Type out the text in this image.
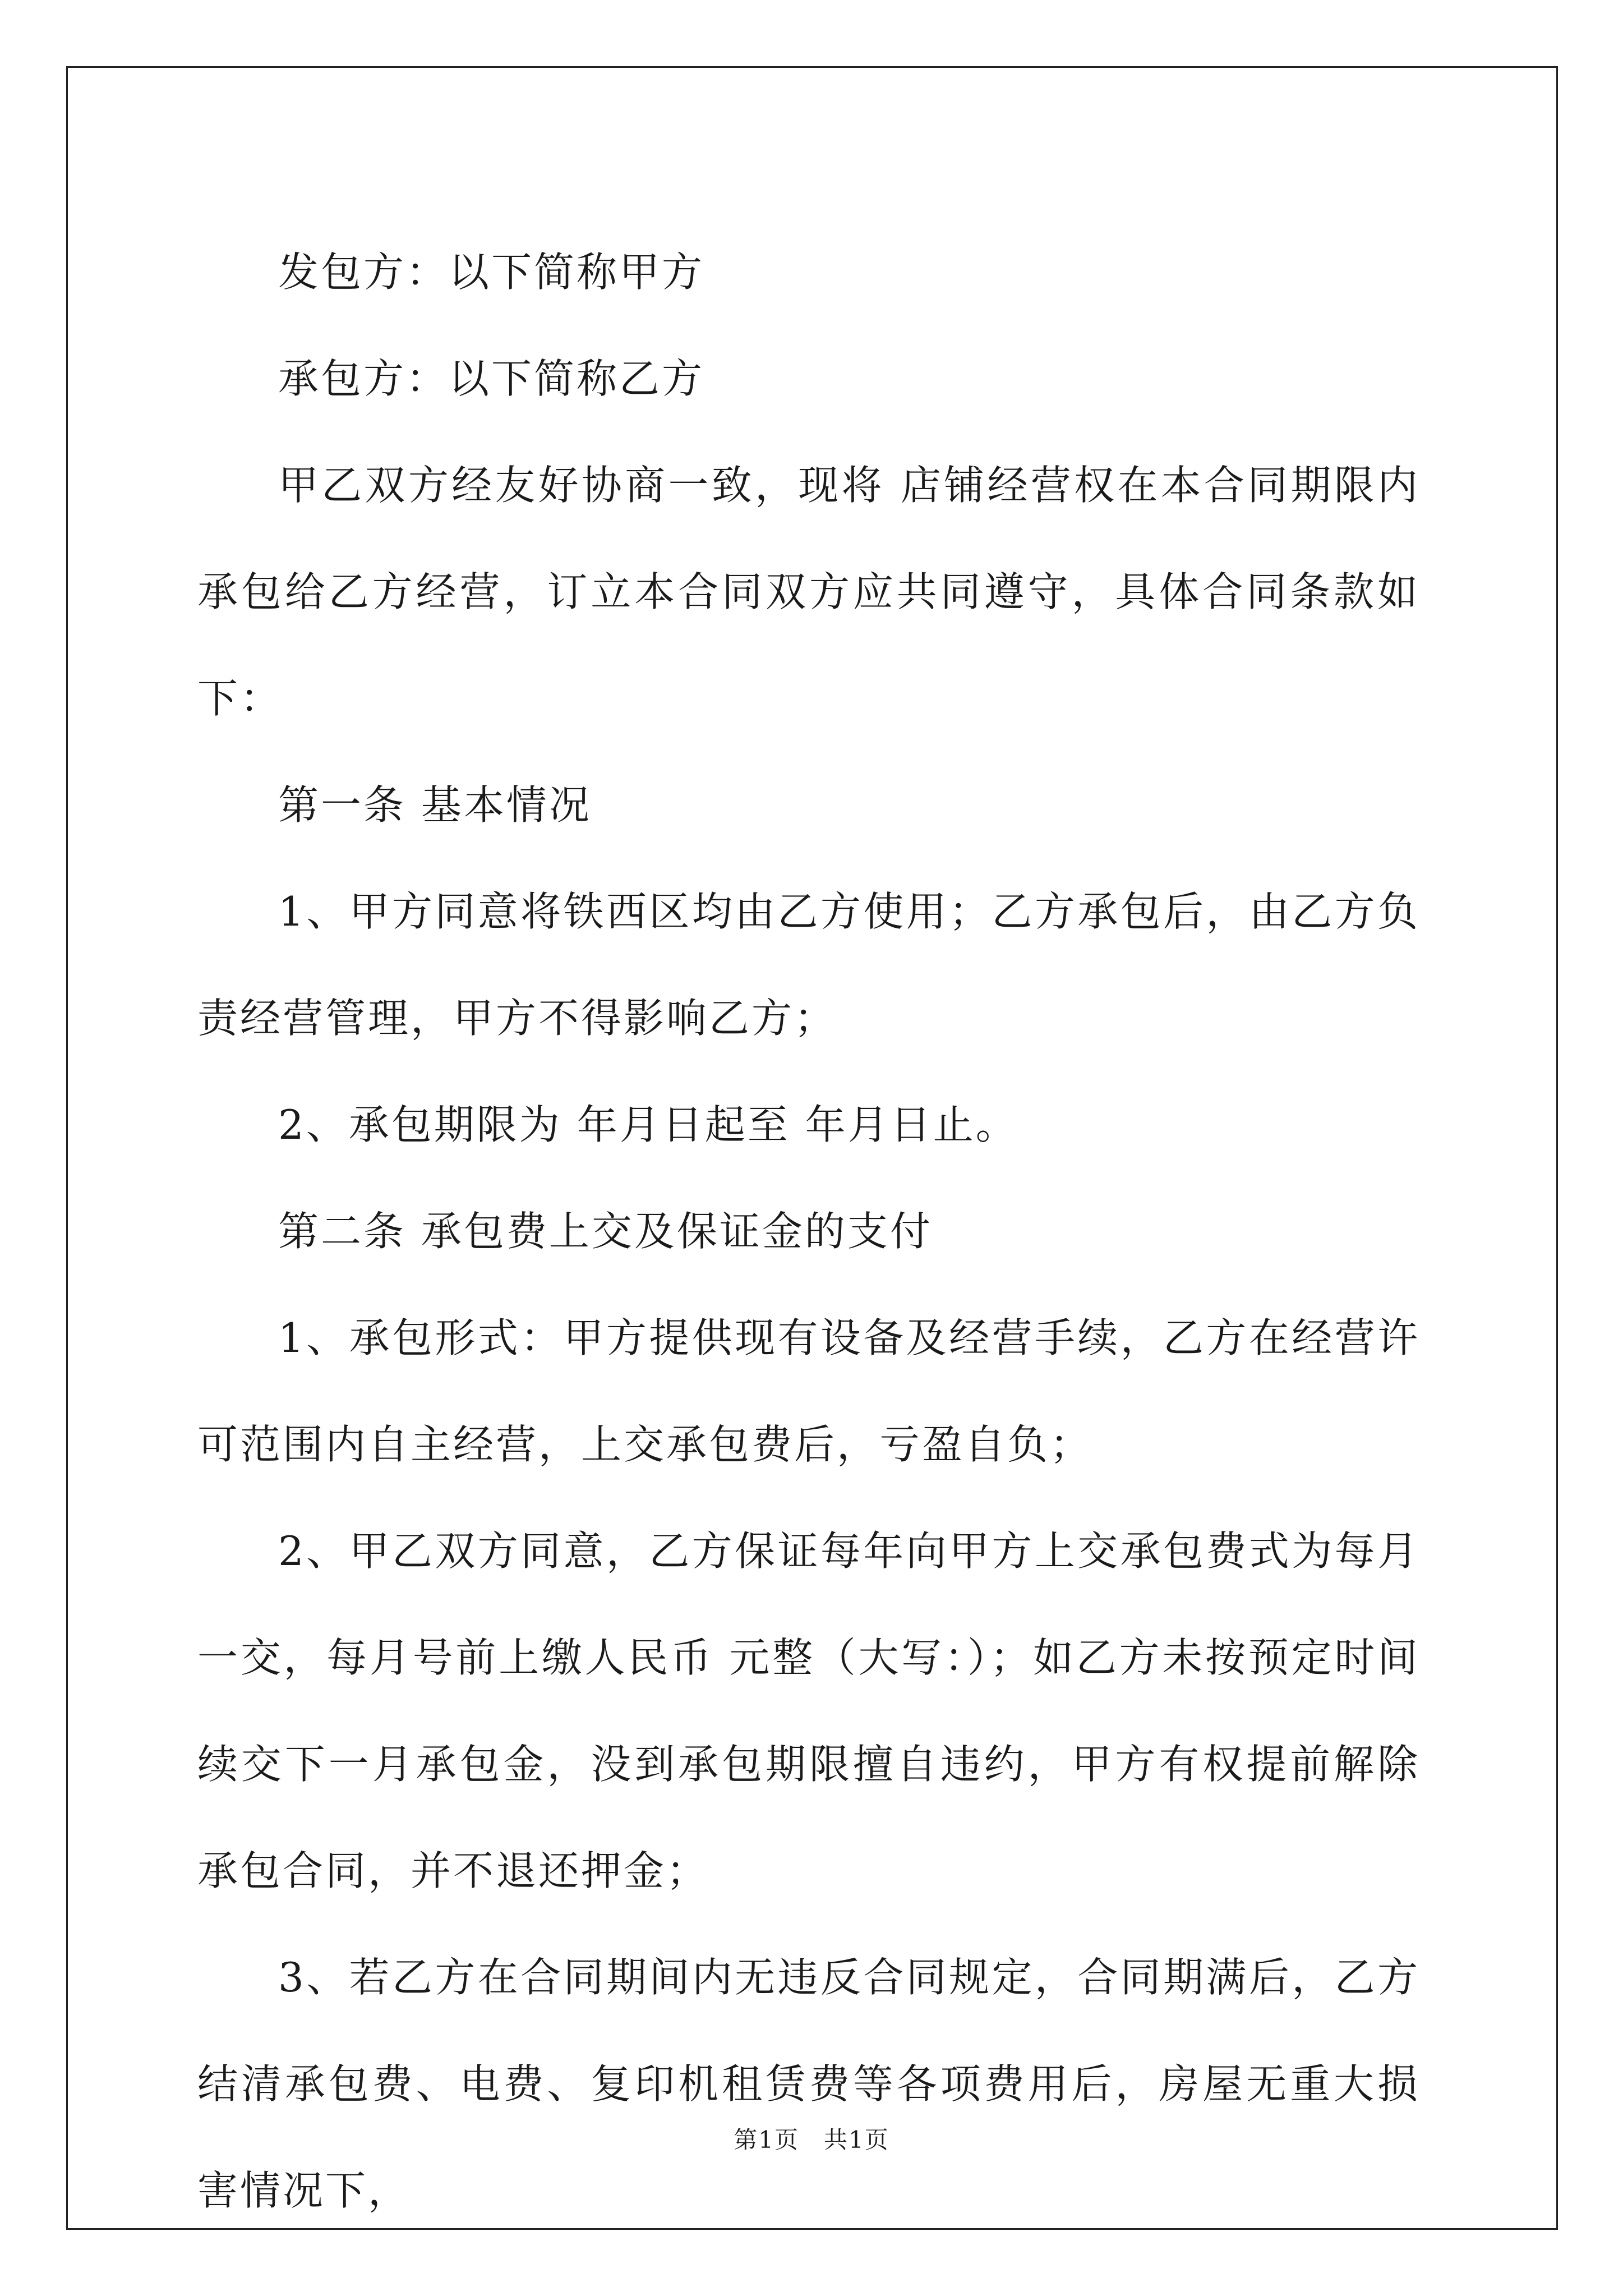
发包方：以下简称甲方

承包方：以下简称乙方

甲乙双方经友好协商一致，现将 店铺经营权在本合同期限内承包给乙方经营，订立本合同双方应共同遵守，具体合同条款如下：

第一条 基本情况

1、甲方同意将铁西区均由乙方使用；乙方承包后，由乙方负责经营管理，甲方不得影响乙方；

2、承包期限为 年月日起至 年月日止。

第二条 承包费上交及保证金的支付

1、承包形式：甲方提供现有设备及经营手续，乙方在经营许可范围内自主经营，上交承包费后，亏盈自负；

2、甲乙双方同意，乙方保证每年向甲方上交承包费式为每月一交，每月号前上缴人民币 元整（大写：）；如乙方未按预定时间续交下一月承包金，没到承包期限擅自违约，甲方有权提前解除承包合同，并不退还押金；

3、若乙方在合同期间内无违反合同规定，合同期满后，乙方结清承包费、电费、复印机租赁费等各项费用后，房屋无重大损害情况下，

第1页　共1页
